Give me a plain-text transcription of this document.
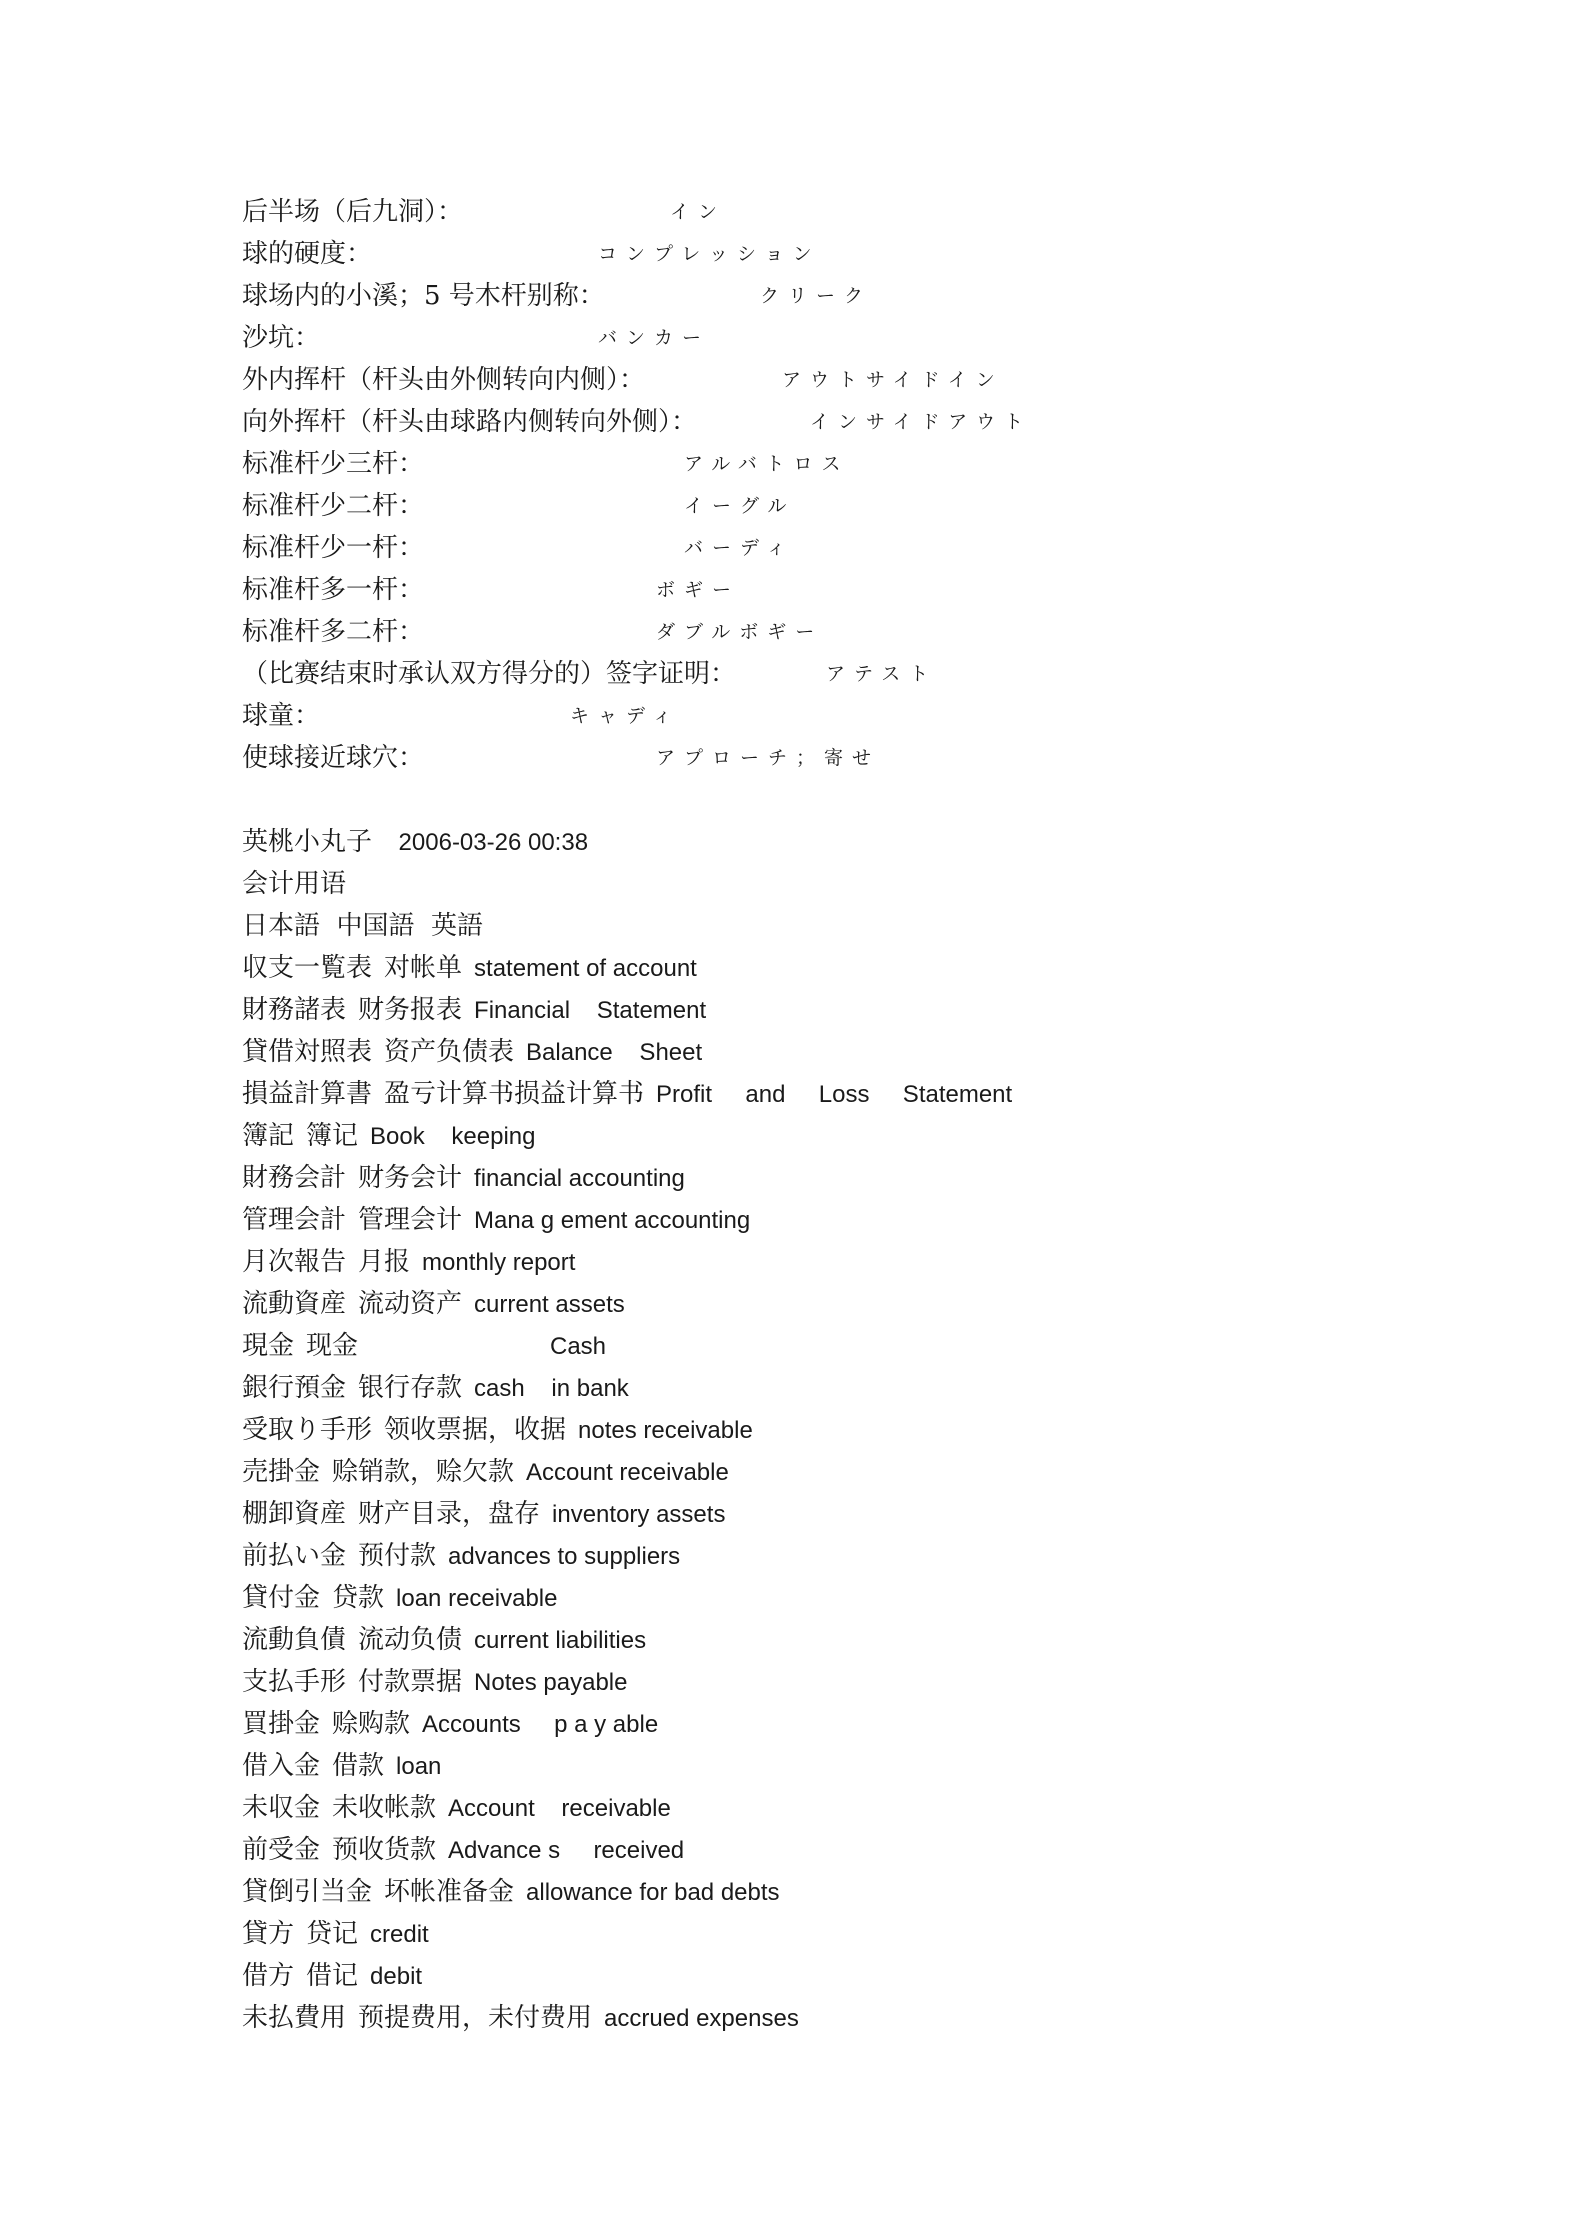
后半场（后九洞）：	イン
球的硬度：	コンプレッション
球场内的小溪；5 号木杆别称：	クリーク
沙坑：	バンカー
外内挥杆（杆头由外侧转向内侧）：	アウトサイドイン
向外挥杆（杆头由球路内侧转向外侧）：	インサイドアウト
标准杆少三杆：	アルバトロス
标准杆少二杆：	イーグル
标准杆少一杆：	バーディ
标准杆多一杆：	ボギー
标准杆多二杆：	ダブルボギー
（比赛结束时承认双方得分的）签字证明：	アテスト
球童：	キャディ
使球接近球穴：	アプローチ；寄せ
英桃小丸子 2006-03-26 00:38
会计用语
日本語  中国語  英語
収支一覧表 对帐单 statement of account
財務諸表 财务报表 Financial    Statement
貸借対照表 资产负债表 Balance    Sheet
損益計算書 盈亏计算书损益计算书 Profit     and     Loss     Statement
簿記 簿记 Book    keeping
財務会計 财务会计 financial accounting
管理会計 管理会计 Mana g ement accounting
月次報告 月报 monthly report
流動資産 流动资产 current assets
現金 现金	Cash
銀行預金 银行存款 cash    in bank
受取り手形 领收票据，收据 notes receivable
売掛金 赊销款，赊欠款 Account receivable
棚卸資産 财产目录，盘存 inventory assets
前払い金 预付款 advances to suppliers
貸付金 贷款 loan receivable
流動負債 流动负债 current liabilities
支払手形 付款票据 Notes payable
買掛金 赊购款 Accounts     p a y able
借入金 借款 loan
未収金 未收帐款 Account    receivable
前受金 预收货款 Advance s     received
貸倒引当金 坏帐准备金 allowance for bad debts
貸方 贷记 credit
借方 借记 debit
未払費用 预提费用，未付费用 accrued expenses
